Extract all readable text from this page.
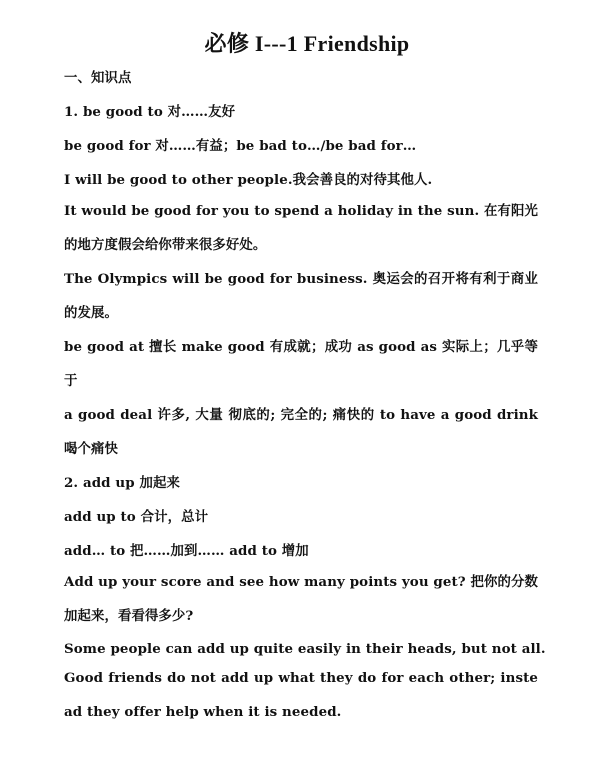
必修 I---1 Friendship
一、知识点
1. be good to 对……友好
be good for 对……有益；be bad to…/be bad for…
I will be good to other people.我会善良的对待其他人.
It would be good for you to spend a holiday in the sun. 在有阳光的地方度假会给你带来很多好处。
The Olympics will be good for business. 奥运会的召开将有利于商业的发展。
be good at 擅长 make good 有成就；成功 as good as 实际上；几乎等于
a good deal 许多, 大量 彻底的; 完全的; 痛快的 to have a good drink 喝个痛快
2. add up 加起来
add up to 合计，总计
add… to 把……加到…… add to 增加
Add up your score and see how many points you get? 把你的分数加起来，看看得多少?
Some people can add up quite easily in their heads, but not all.
Good friends do not add up what they do for each other; instead they offer help when it is needed.
